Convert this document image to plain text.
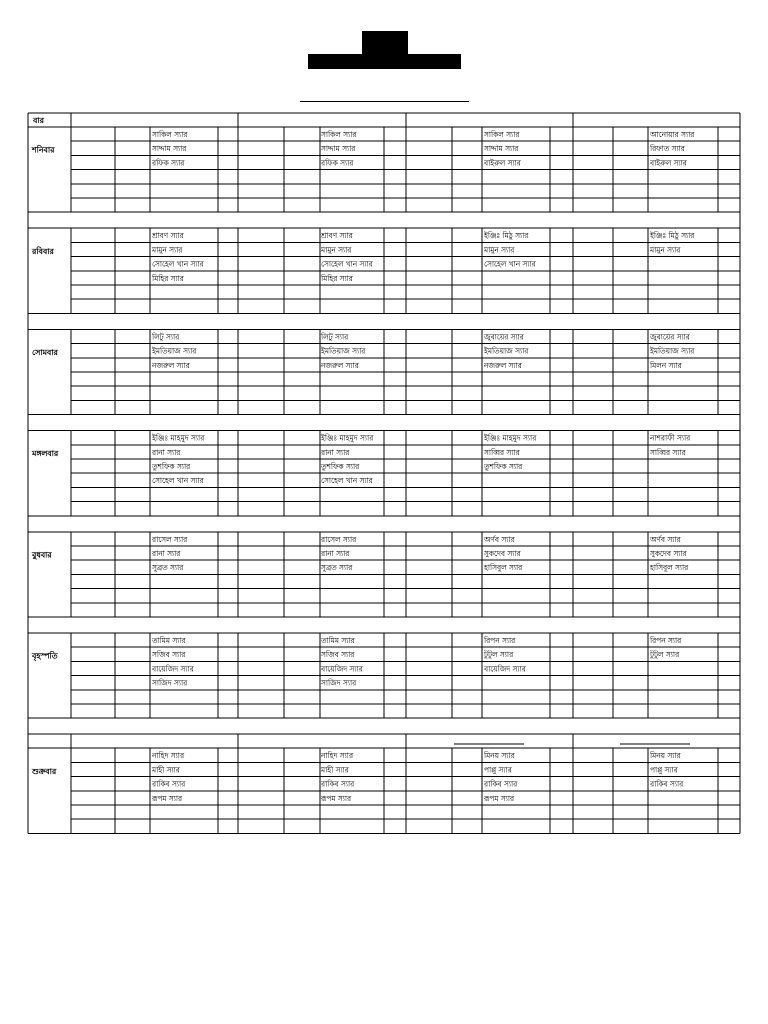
বার
শনিবার
সাকিল স্যার
সাদ্দাম স্যার
রফিক স্যার
সাকিল স্যার
সাদ্দাম স্যার
রফিক স্যার
সাকিল স্যার
সাদ্দাম স্যার
বাইরুল স্যার
আনোয়ার স্যার
রিফাত স্যার
বাইরুল স্যার
রবিবার
শ্রাবণ স্যার
মামুন স্যার
সোহেল খান স্যার
মিহির স্যার
শ্রাবণ স্যার
মামুন স্যার
সোহেল খান স্যার
মিহির স্যার
ইঞ্জিঃ মিঠু স্যার
মামুন স্যার
সোহেল খান স্যার
ইঞ্জিঃ মিঠু স্যার
মামুন স্যার
সোমবার
লিটু স্যার
ইমতিয়াজ স্যার
নজরুল স্যার
লিটু স্যার
ইমতিয়াজ স্যার
নজরুল স্যার
জুবায়ের স্যার
ইমতিয়াজ স্যার
নজরুল স্যার
জুবায়ের স্যার
ইমতিয়াজ স্যার
মিলন স্যার
মঙ্গলবার
ইঞ্জিঃ মাহমুদ স্যার
রানা স্যার
তুশফিক স্যার
সোহেল খান স্যার
ইঞ্জিঃ মাহমুদ স্যার
রানা স্যার
তুশফিক স্যার
সোহেল খান স্যার
ইঞ্জিঃ মাহমুদ স্যার
সাব্বির স্যার
তুশফিক স্যার
নাশরাফী স্যার
সাব্বির স্যার
বুধবার
রাসেল স্যার
রানা স্যার
সুব্রত স্যার
রাসেল স্যার
রানা স্যার
সুব্রত স্যার
অর্ণব স্যার
সুকদেব স্যার
হাসিবুল স্যার
অর্ণব স্যার
সুকদেব স্যার
হাসিবুল স্যার
বৃহস্পতি
তামিম স্যার
সজিব স্যার
বায়েজিদ স্যার
সাজিদ স্যার
তামিম স্যার
সজিব স্যার
বায়েজিদ স্যার
সাজিদ স্যার
রিপন স্যার
টুটুল স্যার
বায়েজিদ স্যার
রিপন স্যার
টুটুল স্যার
শুক্রবার
নাহিদ স্যার
মাহী স্যার
রাকিব স্যার
রূপম স্যার
নাহিদ স্যার
মাহী স্যার
রাকিব স্যার
রূপম স্যার
মিনয় স্যার
পাপ্পু স্যার
রাকিব স্যার
রূপম স্যার
মিনয় স্যার
পাপ্পু স্যার
রাকিব স্যার
